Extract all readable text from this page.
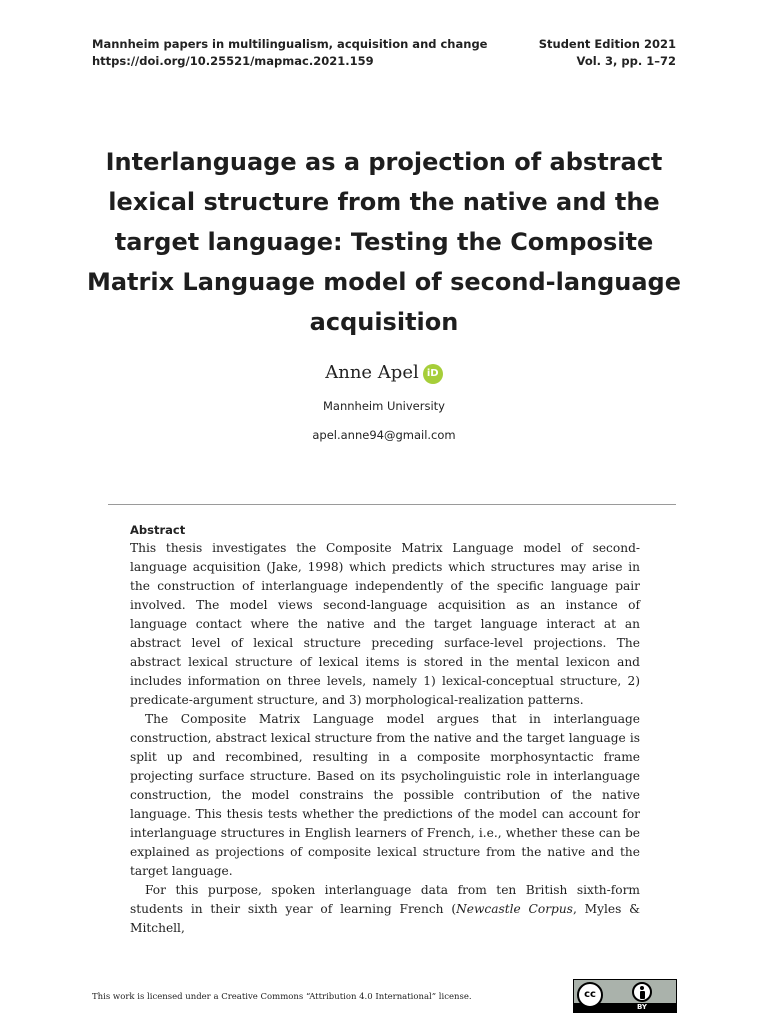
Mannheim papers in multilingualism, acquisition and change
https://doi.org/10.25521/mapmac.2021.159
Student Edition 2021
Vol. 3, pp. 1–72
Interlanguage as a projection of abstract lexical structure from the native and the target language: Testing the Composite Matrix Language model of second-language acquisition
Anne Apel iD
Mannheim University
apel.anne94@gmail.com
Abstract

This thesis investigates the Composite Matrix Language model of second-language acquisition (Jake, 1998) which predicts which structures may arise in the construction of interlanguage independently of the specific language pair involved. The model views second-language acquisition as an instance of language contact where the native and the target language interact at an abstract level of lexical structure preceding surface-level projections. The abstract lexical structure of lexical items is stored in the mental lexicon and includes information on three levels, namely 1) lexical-conceptual structure, 2) predicate-argument structure, and 3) morphological-realization patterns.

The Composite Matrix Language model argues that in interlanguage construction, abstract lexical structure from the native and the target language is split up and recombined, resulting in a composite morphosyntactic frame projecting surface structure. Based on its psycholinguistic role in interlanguage construction, the model constrains the possible contribution of the native language. This thesis tests whether the predictions of the model can account for interlanguage structures in English learners of French, i.e., whether these can be explained as projections of composite lexical structure from the native and the target language.

For this purpose, spoken interlanguage data from ten British sixth-form students in their sixth year of learning French (Newcastle Corpus, Myles & Mitchell,

This work is licensed under a Creative Commons “Attribution 4.0 International” license.	cc
BY
